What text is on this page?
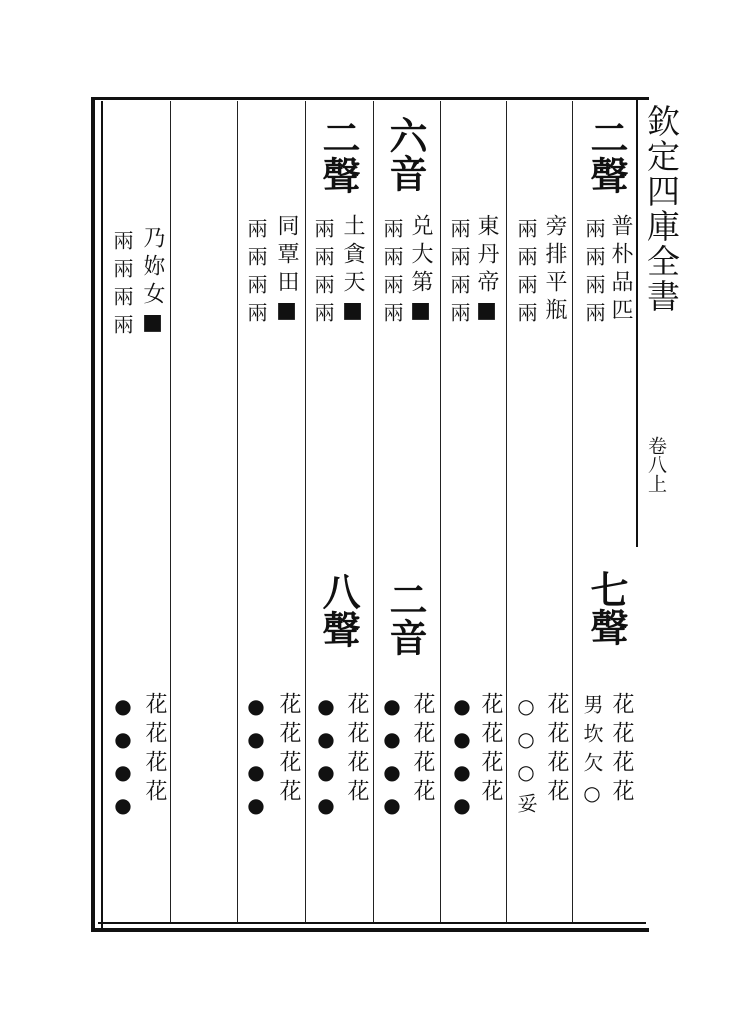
欽定四庫全書
卷八上
二聲
普朴品匹
兩兩兩兩
七聲
花花花花
男坎欠○
旁排平瓶
兩兩兩兩
花花花花
○○○妥
東丹帝■
兩兩兩兩
花花花花
●●●●
六音
兑大第■
兩兩兩兩
二音
花花花花
●●●●
二聲
土貪天■
兩兩兩兩
八聲
花花花花
●●●●
同覃田■
兩兩兩兩
花花花花
●●●●
乃妳女■
兩兩兩兩
花花花花
●●●●
